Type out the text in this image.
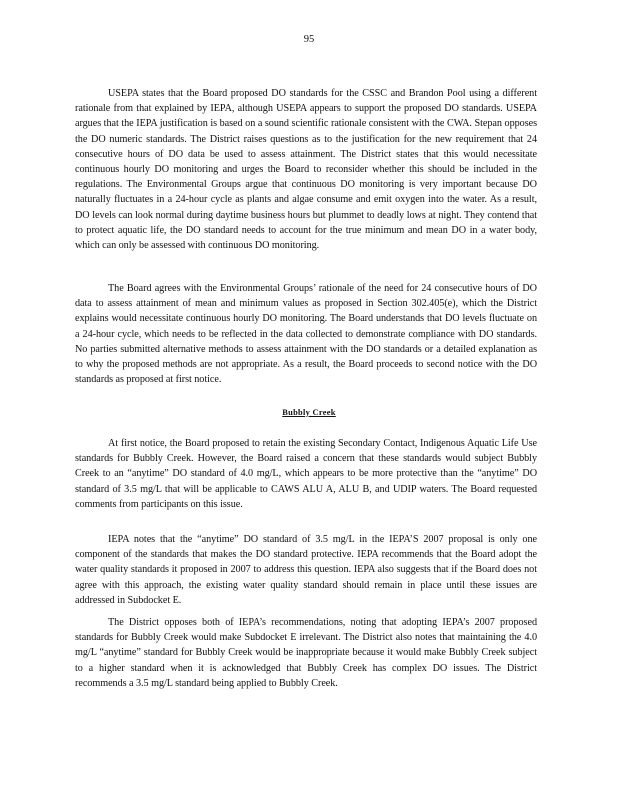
95

USEPA states that the Board proposed DO standards for the CSSC and Brandon Pool using a different rationale from that explained by IEPA, although USEPA appears to support the proposed DO standards. USEPA argues that the IEPA justification is based on a sound scientific rationale consistent with the CWA. Stepan opposes the DO numeric standards. The District raises questions as to the justification for the new requirement that 24 consecutive hours of DO data be used to assess attainment. The District states that this would necessitate continuous hourly DO monitoring and urges the Board to reconsider whether this should be included in the regulations. The Environmental Groups argue that continuous DO monitoring is very important because DO naturally fluctuates in a 24-hour cycle as plants and algae consume and emit oxygen into the water. As a result, DO levels can look normal during daytime business hours but plummet to deadly lows at night. They contend that to protect aquatic life, the DO standard needs to account for the true minimum and mean DO in a water body, which can only be assessed with continuous DO monitoring.

The Board agrees with the Environmental Groups’ rationale of the need for 24 consecutive hours of DO data to assess attainment of mean and minimum values as proposed in Section 302.405(e), which the District explains would necessitate continuous hourly DO monitoring. The Board understands that DO levels fluctuate on a 24-hour cycle, which needs to be reflected in the data collected to demonstrate compliance with DO standards. No parties submitted alternative methods to assess attainment with the DO standards or a detailed explanation as to why the proposed methods are not appropriate. As a result, the Board proceeds to second notice with the DO standards as proposed at first notice.

Bubbly Creek

At first notice, the Board proposed to retain the existing Secondary Contact, Indigenous Aquatic Life Use standards for Bubbly Creek. However, the Board raised a concern that these standards would subject Bubbly Creek to an “anytime” DO standard of 4.0 mg/L, which appears to be more protective than the “anytime” DO standard of 3.5 mg/L that will be applicable to CAWS ALU A, ALU B, and UDIP waters. The Board requested comments from participants on this issue.

IEPA notes that the “anytime” DO standard of 3.5 mg/L in the IEPA’S 2007 proposal is only one component of the standards that makes the DO standard protective. IEPA recommends that the Board adopt the water quality standards it proposed in 2007 to address this question. IEPA also suggests that if the Board does not agree with this approach, the existing water quality standard should remain in place until these issues are addressed in Subdocket E.

The District opposes both of IEPA’s recommendations, noting that adopting IEPA’s 2007 proposed standards for Bubbly Creek would make Subdocket E irrelevant. The District also notes that maintaining the 4.0 mg/L “anytime” standard for Bubbly Creek would be inappropriate because it would make Bubbly Creek subject to a higher standard when it is acknowledged that Bubbly Creek has complex DO issues. The District recommends a 3.5 mg/L standard being applied to Bubbly Creek.
